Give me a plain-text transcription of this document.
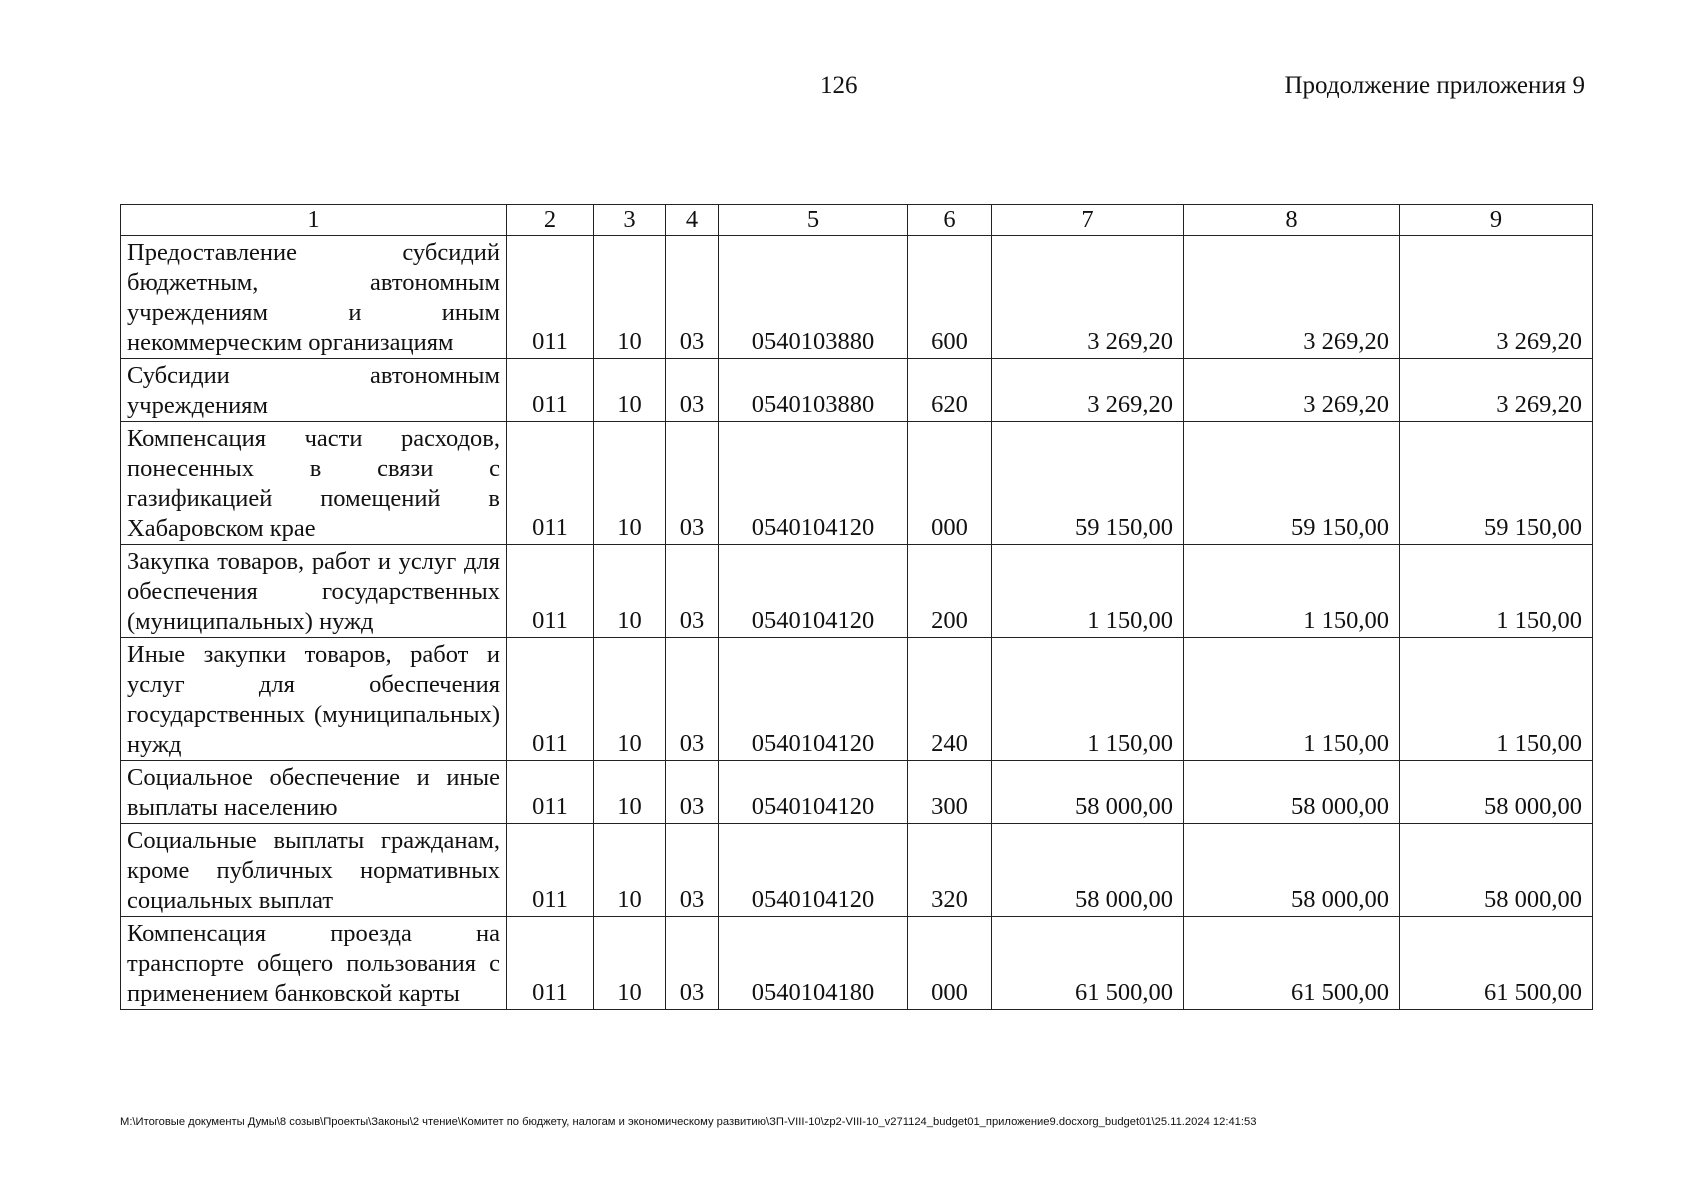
126	Продолжение приложения 9
1	2	3	4	5	6	7	8	9
Предоставление субсидий бюджетным, автономным учреждениям и иным некоммерческим организациям	011	10	03	0540103880	600	3 269,20	3 269,20	3 269,20
Субсидии автономным учреждениям	011	10	03	0540103880	620	3 269,20	3 269,20	3 269,20
Компенсация части расходов, понесенных в связи с газификацией помещений в Хабаровском крае	011	10	03	0540104120	000	59 150,00	59 150,00	59 150,00
Закупка товаров, работ и услуг для обеспечения государственных (муниципальных) нужд	011	10	03	0540104120	200	1 150,00	1 150,00	1 150,00
Иные закупки товаров, работ и услуг для обеспечения государственных (муниципальных) нужд	011	10	03	0540104120	240	1 150,00	1 150,00	1 150,00
Социальное обеспечение и иные выплаты населению	011	10	03	0540104120	300	58 000,00	58 000,00	58 000,00
Социальные выплаты гражданам, кроме публичных нормативных социальных выплат	011	10	03	0540104120	320	58 000,00	58 000,00	58 000,00
Компенсация проезда на транспорте общего пользования с применением банковской карты	011	10	03	0540104180	000	61 500,00	61 500,00	61 500,00
M:\Итоговые документы Думы\8 созыв\Проекты\Законы\2 чтение\Комитет по бюджету, налогам и экономическому развитию\ЗП-VIII-10\zp2-VIII-10_v271124_budget01_приложение9.docxorg_budget01\25.11.2024 12:41:53
